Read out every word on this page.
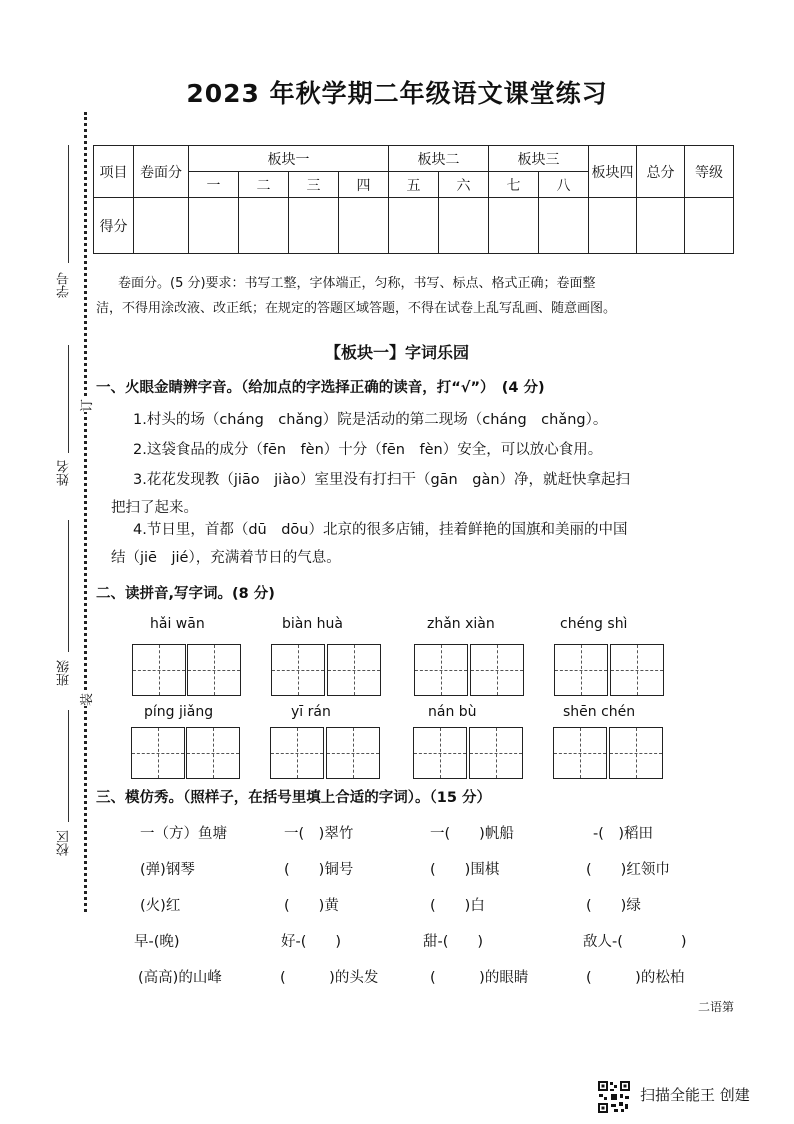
2023 年秋学期二年级语文课堂练习
学号
订
姓名
班级
装
校区
项目	卷面分	板块一				板块二		板块三		板块四	总分	等级
		一	二	三	四	五	六	七	八			
得分												
卷面分。(5 分)要求：书写工整，字体端正，匀称，书写、标点、格式正确；卷面整
洁，不得用涂改液、改正纸；在规定的答题区域答题，不得在试卷上乱写乱画、随意画图。
【板块一】字词乐园
一、火眼金睛辨字音。（给加点的字选择正确的读音，打“√”）　(4 分)
1.村头的场（cháng　chǎng）院是活动的第二现场（cháng　chǎng）。
2.这袋食品的成分（fēn　fèn）十分（fēn　fèn）安全，可以放心食用。
3.花花发现教（jiāo　jiào）室里没有打扫干（gān　gàn）净，就赶快拿起扫
把扫了起来。
4.节日里，首都（dū　dōu）北京的很多店铺，挂着鲜艳的国旗和美丽的中国
结（jiē　jié），充满着节日的气息。
二、读拼音,写字词。(8 分)
hǎi wān	biàn huà	zhǎn xiàn	chéng shì
píng jiǎng	yī rán	nán bù	shēn chén
三、模仿秀。（照样子，在括号里填上合适的字词）。（15 分）
一（方）鱼塘	一(　)翠竹	一(　　)帆船	-(　)稻田
(弹)钢琴	(　　)铜号	(　　)围棋	(　　)红领巾
(火)红	(　　)黄	(　　)白	(　　)绿
早-(晚)	好-(　　)	甜-(　　)	敌人-(　　　　)
(高高)的山峰	(　　　)的头发	(　　　)的眼睛	(　　　)的松柏
二语第
扫描全能王 创建
